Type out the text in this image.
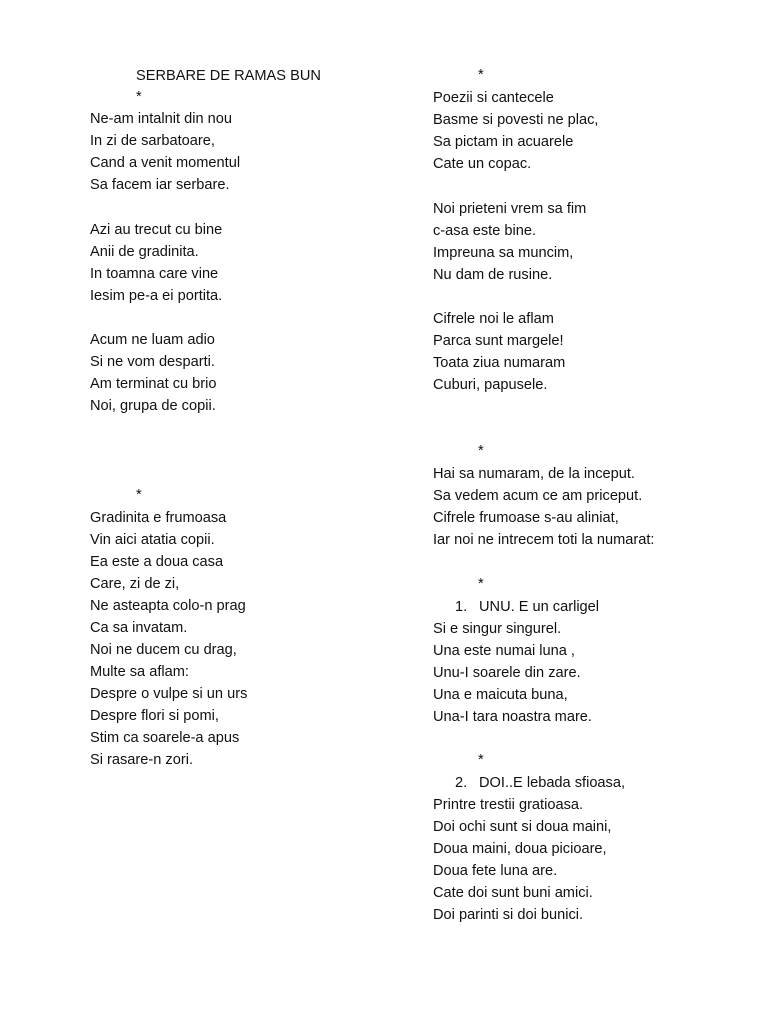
SERBARE DE RAMAS BUN

*

Ne-am intalnit din nou

In zi de sarbatoare,

Cand a venit momentul

Sa facem iar serbare.

Azi au trecut cu bine

Anii de gradinita.

In toamna care vine

Iesim pe-a ei portita.

Acum ne luam adio

Si ne vom desparti.

Am terminat cu brio

Noi, grupa de copii.

*

Gradinita e frumoasa

Vin aici atatia copii.

Ea este a doua casa

Care, zi de zi,

Ne asteapta colo-n prag

Ca sa invatam.

Noi ne ducem cu drag,

Multe sa aflam:

Despre o vulpe si un urs

Despre flori si pomi,

Stim ca soarele-a apus

Si rasare-n zori.

*

Poezii si cantecele

Basme si povesti ne plac,

Sa pictam in acuarele

Cate un copac.

Noi prieteni vrem sa fim

c-asa este bine.

Impreuna sa muncim,

Nu dam de rusine.

Cifrele noi le aflam

Parca sunt margele!

Toata ziua numaram

Cuburi, papusele.

*

Hai sa numaram, de la inceput.

Sa vedem acum ce am priceput.

Cifrele frumoase s-au aliniat,

Iar noi ne intrecem toti la numarat:

*

1. UNU. E un carligel

Si e singur singurel.

Una este numai luna ,

Unu-I soarele din zare.

Una e maicuta buna,

Una-I tara noastra mare.

*

2. DOI..E lebada sfioasa,

Printre trestii gratioasa.

Doi ochi sunt si doua maini,

Doua maini, doua picioare,

Doua fete luna are.

Cate doi sunt buni amici.

Doi parinti si doi bunici.
